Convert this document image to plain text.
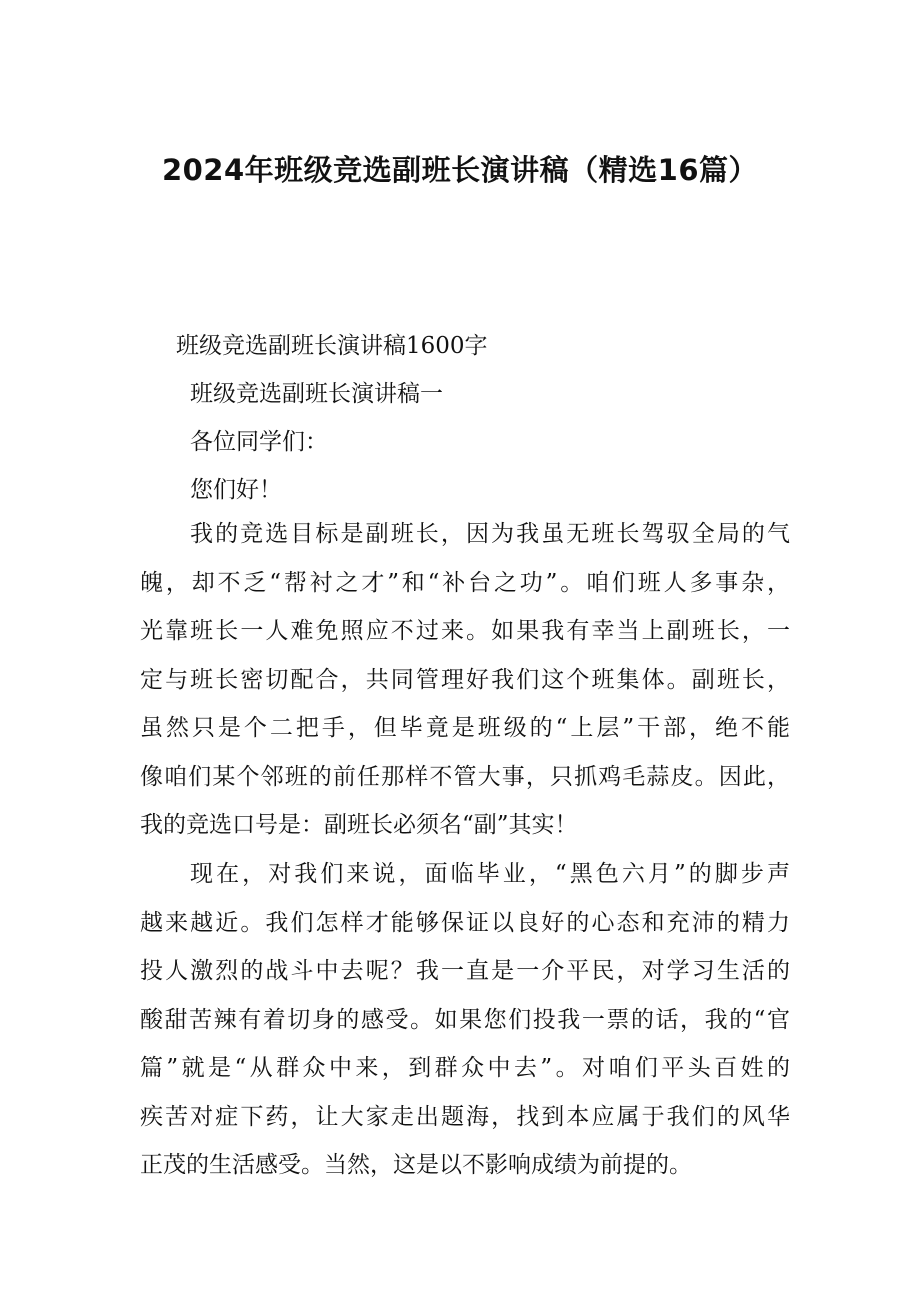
2024年班级竞选副班长演讲稿（精选16篇）
班级竞选副班长演讲稿1600字
班级竞选副班长演讲稿一
各位同学们：
您们好！
我的竞选目标是副班长，因为我虽无班长驾驭全局的气
魄，却不乏“帮衬之才”和“补台之功”。咱们班人多事杂，
光靠班长一人难免照应不过来。如果我有幸当上副班长，一
定与班长密切配合，共同管理好我们这个班集体。副班长，
虽然只是个二把手，但毕竟是班级的“上层”干部，绝不能
像咱们某个邻班的前任那样不管大事，只抓鸡毛蒜皮。因此，
我的竞选口号是：副班长必须名“副”其实！
现在，对我们来说，面临毕业，“黑色六月”的脚步声
越来越近。我们怎样才能够保证以良好的心态和充沛的精力
投人激烈的战斗中去呢？我一直是一介平民，对学习生活的
酸甜苦辣有着切身的感受。如果您们投我一票的话，我的“官
篇”就是“从群众中来，到群众中去”。对咱们平头百姓的
疾苦对症下药，让大家走出题海，找到本应属于我们的风华
正茂的生活感受。当然，这是以不影响成绩为前提的。
